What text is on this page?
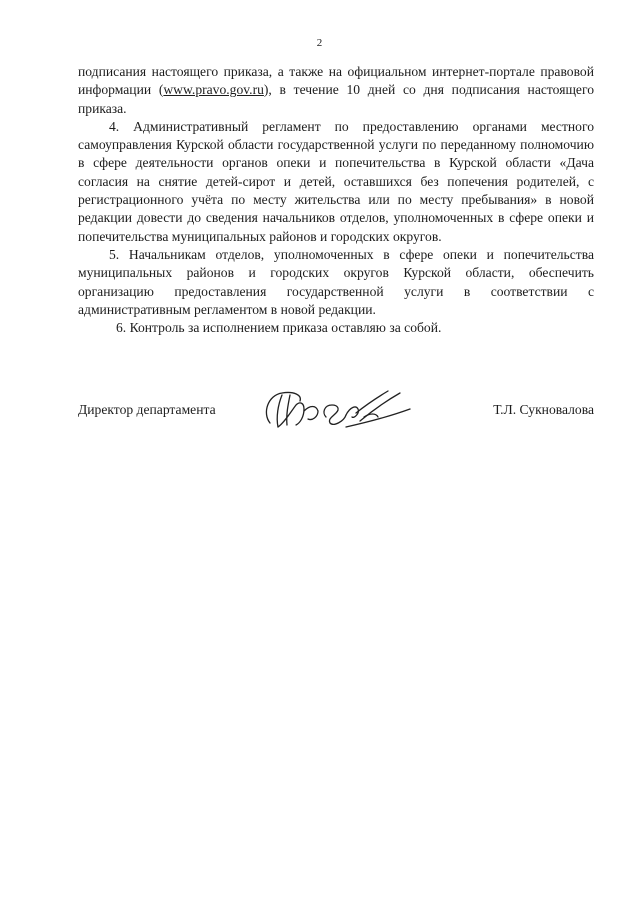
2

подписания настоящего приказа, а также на официальном интернет-портале правовой информации (www.pravo.gov.ru), в течение 10 дней со дня подписания настоящего приказа.

4. Административный регламент по предоставлению органами местного самоуправления Курской области государственной услуги по переданному полномочию в сфере деятельности органов опеки и попечительства в Курской области «Дача согласия на снятие детей-сирот и детей, оставшихся без попечения родителей, с регистрационного учёта по месту жительства или по месту пребывания» в новой редакции довести до сведения начальников отделов, уполномоченных в сфере опеки и попечительства муниципальных районов и городских округов.

5. Начальникам отделов, уполномоченных в сфере опеки и попечительства муниципальных районов и городских округов Курской области, обеспечить организацию предоставления государственной услуги в соответствии с административным регламентом в новой редакции.

6. Контроль за исполнением приказа оставляю за собой.

Директор департамента	Т.Л. Сукновалова
